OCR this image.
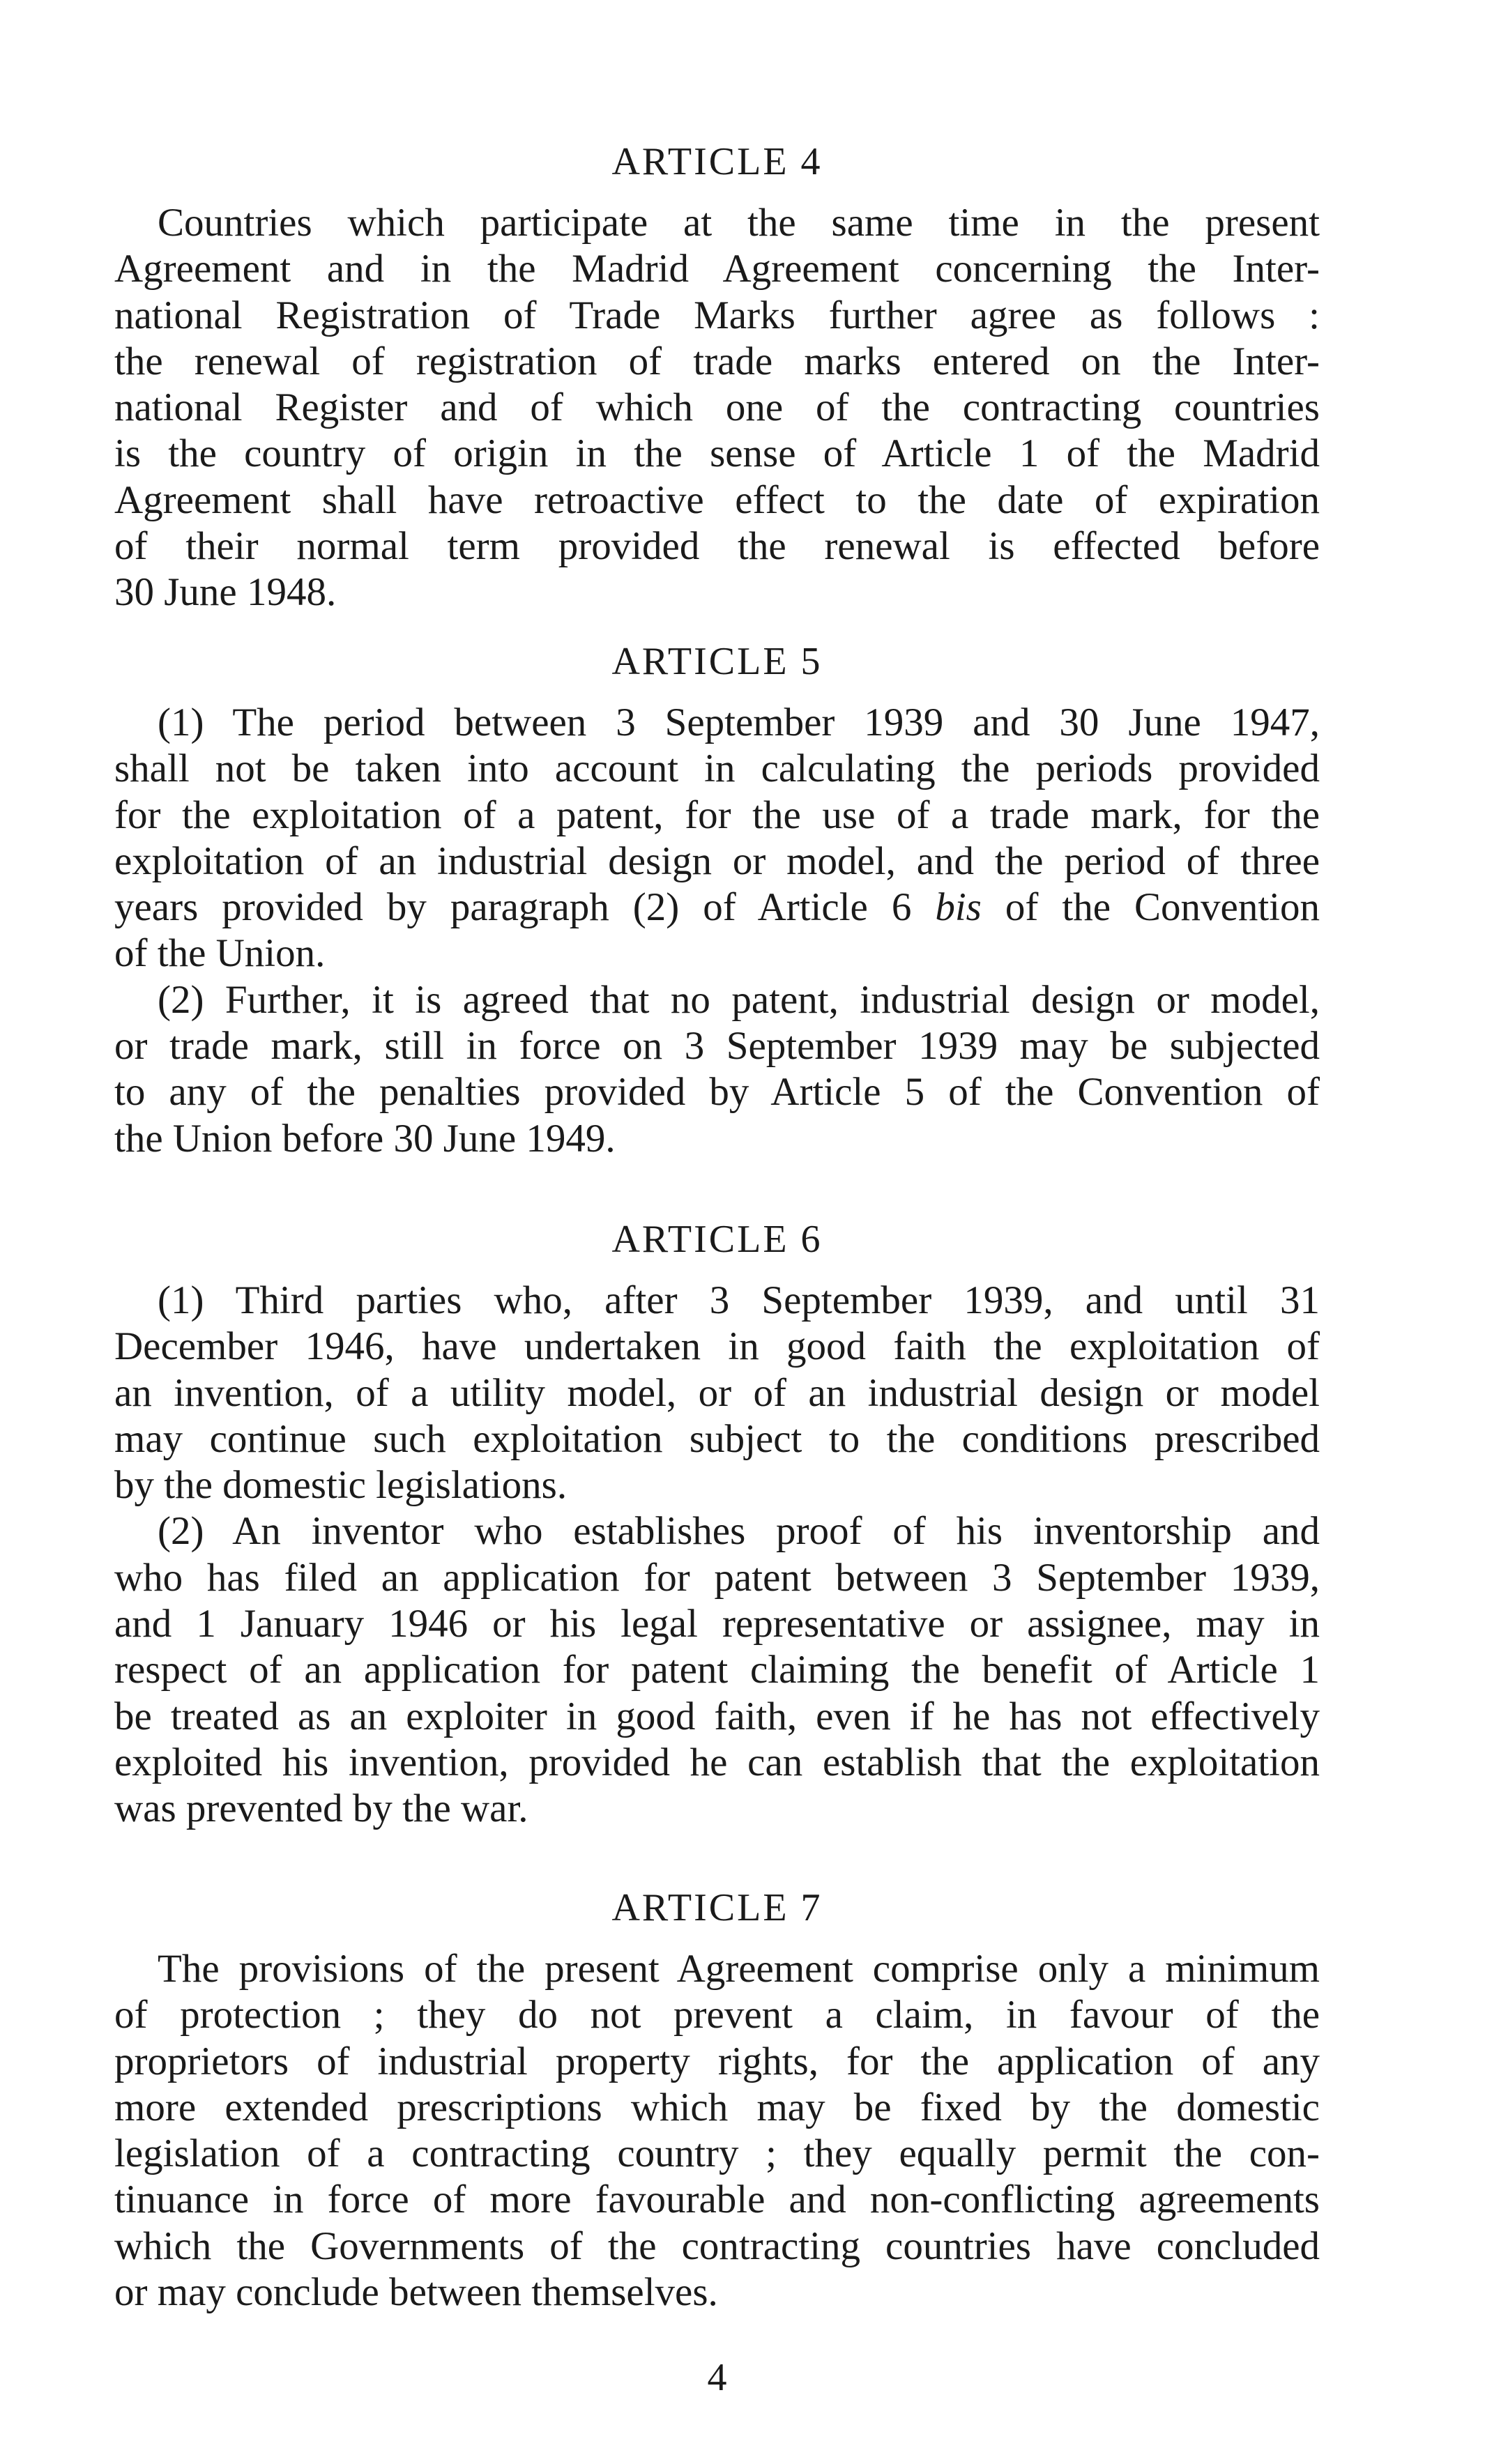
ARTICLE 4
Countries which participate at the same time in the present
Agreement and in the Madrid Agreement concerning the Inter-
national Registration of Trade Marks further agree as follows :
the renewal of registration of trade marks entered on the Inter-
national Register and of which one of the contracting countries
is the country of origin in the sense of Article 1 of the Madrid
Agreement shall have retroactive effect to the date of expiration
of their normal term provided the renewal is effected before
30 June 1948.
ARTICLE 5
(1) The period between 3 September 1939 and 30 June 1947,
shall not be taken into account in calculating the periods provided
for the exploitation of a patent, for the use of a trade mark, for the
exploitation of an industrial design or model, and the period of three
years provided by paragraph (2) of Article 6 bis of the Convention
of the Union.
(2) Further, it is agreed that no patent, industrial design or model,
or trade mark, still in force on 3 September 1939 may be subjected
to any of the penalties provided by Article 5 of the Convention of
the Union before 30 June 1949.
ARTICLE 6
(1) Third parties who, after 3 September 1939, and until 31
December 1946, have undertaken in good faith the exploitation of
an invention, of a utility model, or of an industrial design or model
may continue such exploitation subject to the conditions prescribed
by the domestic legislations.
(2) An inventor who establishes proof of his inventorship and
who has filed an application for patent between 3 September 1939,
and 1 January 1946 or his legal representative or assignee, may in
respect of an application for patent claiming the benefit of Article 1
be treated as an exploiter in good faith, even if he has not effectively
exploited his invention, provided he can establish that the exploitation
was prevented by the war.
ARTICLE 7
The provisions of the present Agreement comprise only a minimum
of protection ; they do not prevent a claim, in favour of the
proprietors of industrial property rights, for the application of any
more extended prescriptions which may be fixed by the domestic
legislation of a contracting country ; they equally permit the con-
tinuance in force of more favourable and non-conflicting agreements
which the Governments of the contracting countries have concluded
or may conclude between themselves.
4
